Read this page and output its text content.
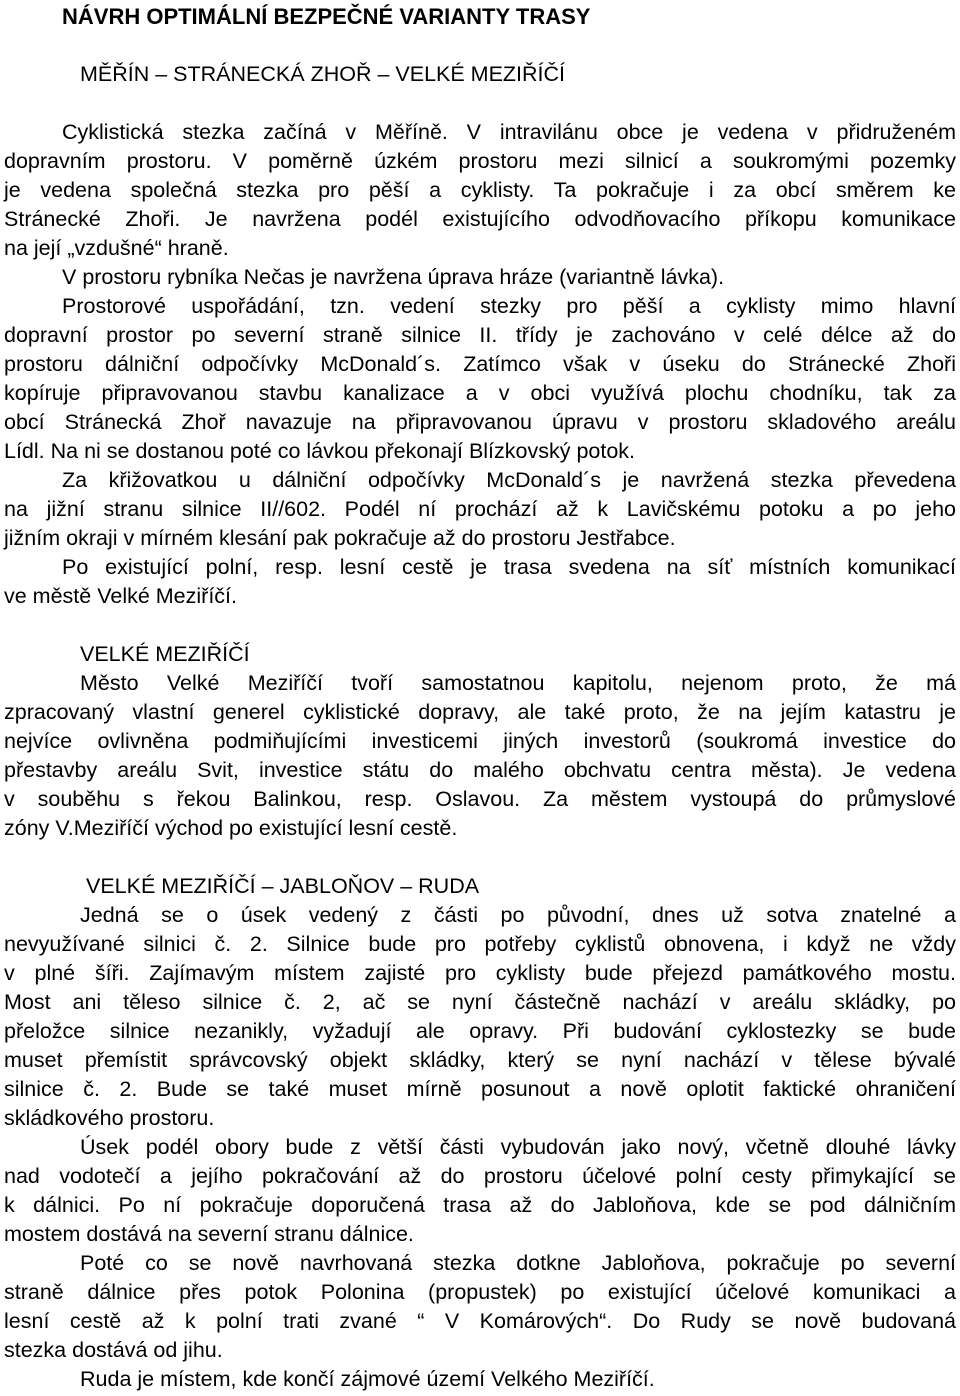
NÁVRH OPTIMÁLNÍ BEZPEČNÉ VARIANTY TRASY

MĚŘÍN – STRÁNECKÁ ZHOŘ – VELKÉ MEZIŘÍČÍ

Cyklistická stezka začíná v Měříně. V intravilánu obce je vedena v přidruženém

dopravním prostoru. V poměrně úzkém prostoru mezi silnicí a soukromými pozemky

je vedena společná stezka pro pěší a cyklisty. Ta pokračuje i za obcí směrem ke

Stránecké Zhoři. Je navržena podél existujícího odvodňovacího příkopu komunikace

na její „vzdušné“ hraně.

V prostoru rybníka Nečas je navržena úprava hráze (variantně lávka).

Prostorové uspořádání, tzn. vedení stezky pro pěší a cyklisty mimo hlavní

dopravní prostor po severní straně silnice II. třídy je zachováno v celé délce až do

prostoru dálniční odpočívky McDonald´s. Zatímco však v úseku do Stránecké Zhoři

kopíruje připravovanou stavbu kanalizace a v obci využívá plochu chodníku, tak za

obcí Stránecká Zhoř navazuje na připravovanou úpravu v prostoru skladového areálu

Lídl. Na ni se dostanou poté co lávkou překonají Blízkovský potok.

Za křižovatkou u dálniční odpočívky McDonald´s je navržená stezka převedena

na jižní stranu silnice II//602. Podél ní prochází až k Lavičskému potoku a po jeho

jižním okraji v mírném klesání pak pokračuje až do prostoru Jestřabce.

Po existující polní, resp. lesní cestě je trasa svedena na síť místních komunikací

ve městě Velké Meziříčí.

VELKÉ MEZIŘÍČÍ

Město Velké Meziříčí tvoří samostatnou kapitolu, nejenom proto, že má

zpracovaný vlastní generel cyklistické dopravy, ale také proto, že na jejím katastru je

nejvíce ovlivněna podmiňujícími investicemi jiných investorů (soukromá investice do

přestavby areálu Svit, investice státu do malého obchvatu centra města). Je vedena

v souběhu s řekou Balinkou, resp. Oslavou. Za městem vystoupá do průmyslové

zóny V.Meziříčí východ po existující lesní cestě.

VELKÉ MEZIŘÍČÍ – JABLOŇOV – RUDA

Jedná se o úsek vedený z části po původní, dnes už sotva znatelné a

nevyužívané silnici č. 2. Silnice bude pro potřeby cyklistů obnovena, i když ne vždy

v plné šíři. Zajímavým místem zajisté pro cyklisty bude přejezd památkového mostu.

Most ani těleso silnice č. 2, ač se nyní částečně nachází v areálu skládky, po

přeložce silnice nezanikly, vyžadují ale opravy. Při budování cyklostezky se bude

muset přemístit správcovský objekt skládky, který se nyní nachází v tělese bývalé

silnice č. 2. Bude se také muset mírně posunout a nově oplotit faktické ohraničení

skládkového prostoru.

Úsek podél obory bude z větší části vybudován jako nový, včetně dlouhé lávky

nad vodotečí a jejího pokračování až do prostoru účelové polní cesty přimykající se

k dálnici. Po ní pokračuje doporučená trasa až do Jabloňova, kde se pod dálničním

mostem dostává na severní stranu dálnice.

Poté co se nově navrhovaná stezka dotkne Jabloňova, pokračuje po severní

straně dálnice přes potok Polonina (propustek) po existující účelové komunikaci a

lesní cestě až k polní trati zvané “ V Komárových“. Do Rudy se nově budovaná

stezka dostává od jihu.

Ruda je místem, kde končí zájmové území Velkého Meziříčí.
